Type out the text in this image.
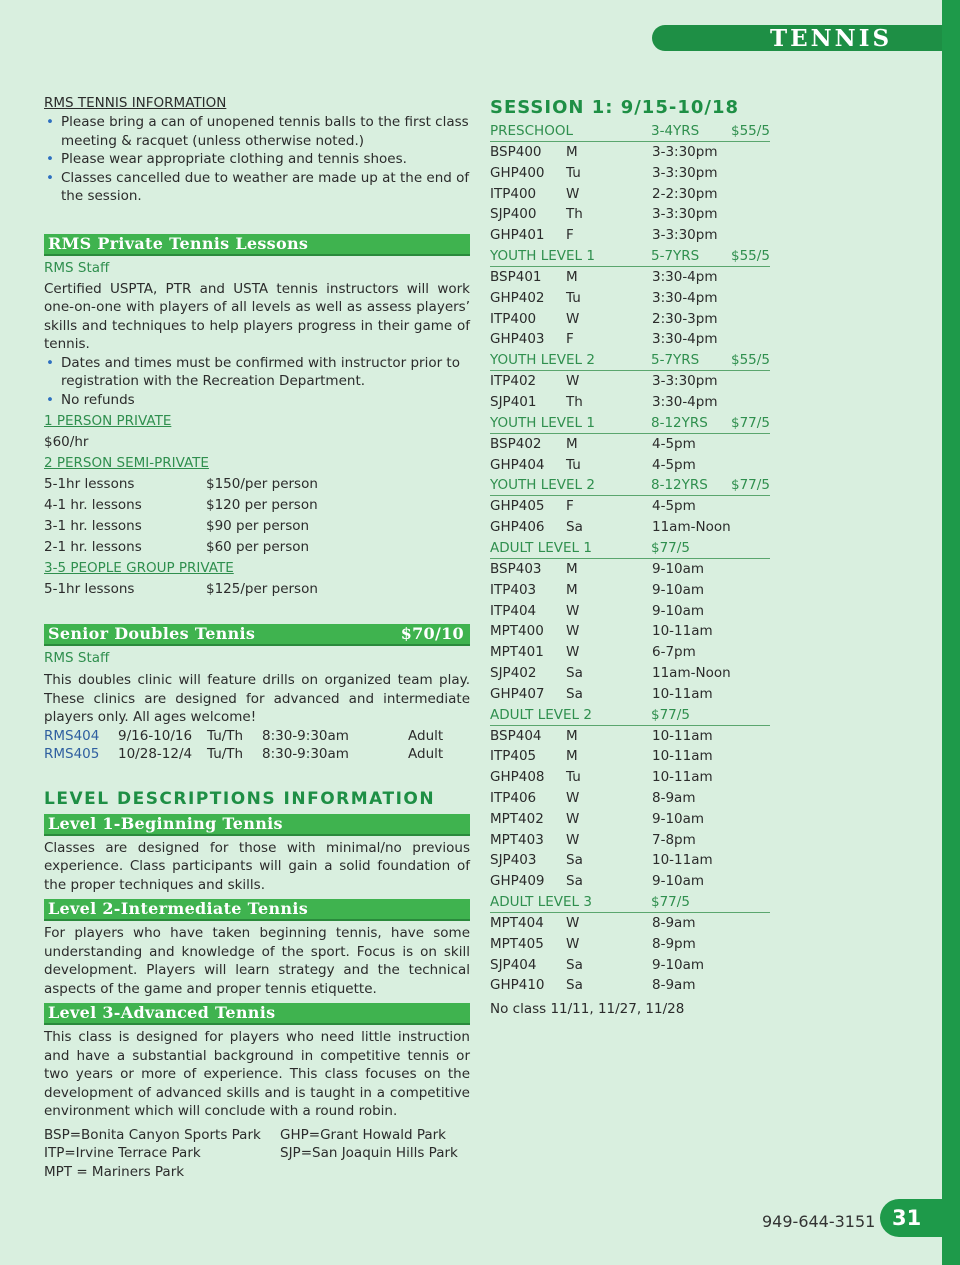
TENNIS

RMS TENNIS INFORMATION

• Please bring a can of unopened tennis balls to the first class meeting & racquet (unless otherwise noted.)
• Please wear appropriate clothing and tennis shoes.
• Classes cancelled due to weather are made up at the end of the session.
RMS Private Tennis Lessons

RMS Staff

Certified USPTA, PTR and USTA tennis instructors will work one-on-one with players of all levels as well as assess players’ skills and techniques to help players progress in their game of tennis.

• Dates and times must be confirmed with instructor prior to registration with the Recreation Department.
• No refunds

1 PERSON PRIVATE

$60/hr

2 PERSON SEMI-PRIVATE

5-1hr lessons	$150/per person
4-1 hr. lessons	$120 per person
3-1 hr. lessons	$90 per person
2-1 hr. lessons	$60 per person

3-5 PEOPLE GROUP PRIVATE

5-1hr lessons	$125/per person
Senior Doubles Tennis	$70/10

RMS Staff

This doubles clinic will feature drills on organized team play. These clinics are designed for advanced and intermediate players only. All ages welcome!

RMS404	9/16-10/16	Tu/Th	8:30-9:30am	Adult
RMS405	10/28-12/4	Tu/Th	8:30-9:30am	Adult

LEVEL DESCRIPTIONS INFORMATION

Level 1-Beginning Tennis

Classes are designed for those with minimal/no previous experience. Class participants will gain a solid foundation of the proper techniques and skills.

Level 2-Intermediate Tennis

For players who have taken beginning tennis, have some understanding and knowledge of the sport. Focus is on skill development. Players will learn strategy and the technical aspects of the game and proper tennis etiquette.

Level 3-Advanced Tennis

This class is designed for players who need little instruction and have a substantial background in competitive tennis or two years or more of experience. This class focuses on the development of advanced skills and is taught in a competitive environment which will conclude with a round robin.

BSP=Bonita Canyon Sports Park	GHP=Grant Howald Park
ITP=Irvine Terrace Park	SJP=San Joaquin Hills Park
MPT = Mariners Park

SESSION 1: 9/15-10/18

PRESCHOOL	3-4YRS	$55/5
BSP400	M	3-3:30pm
GHP400	Tu	3-3:30pm
ITP400	W	2-2:30pm
SJP400	Th	3-3:30pm
GHP401	F	3-3:30pm
YOUTH LEVEL 1	5-7YRS	$55/5
BSP401	M	3:30-4pm
GHP402	Tu	3:30-4pm
ITP400	W	2:30-3pm
GHP403	F	3:30-4pm
YOUTH LEVEL 2	5-7YRS	$55/5
ITP402	W	3-3:30pm
SJP401	Th	3:30-4pm
YOUTH LEVEL 1	8-12YRS	$77/5
BSP402	M	4-5pm
GHP404	Tu	4-5pm
YOUTH LEVEL 2	8-12YRS	$77/5
GHP405	F	4-5pm
GHP406	Sa	11am-Noon
ADULT LEVEL 1	$77/5
BSP403	M	9-10am
ITP403	M	9-10am
ITP404	W	9-10am
MPT400	W	10-11am
MPT401	W	6-7pm
SJP402	Sa	11am-Noon
GHP407	Sa	10-11am
ADULT LEVEL 2	$77/5
BSP404	M	10-11am
ITP405	M	10-11am
GHP408	Tu	10-11am
ITP406	W	8-9am
MPT402	W	9-10am
MPT403	W	7-8pm
SJP403	Sa	10-11am
GHP409	Sa	9-10am
ADULT LEVEL 3	$77/5
MPT404	W	8-9am
MPT405	W	8-9pm
SJP404	Sa	9-10am
GHP410	Sa	8-9am

No class 11/11, 11/27, 11/28

949-644-3151 31
